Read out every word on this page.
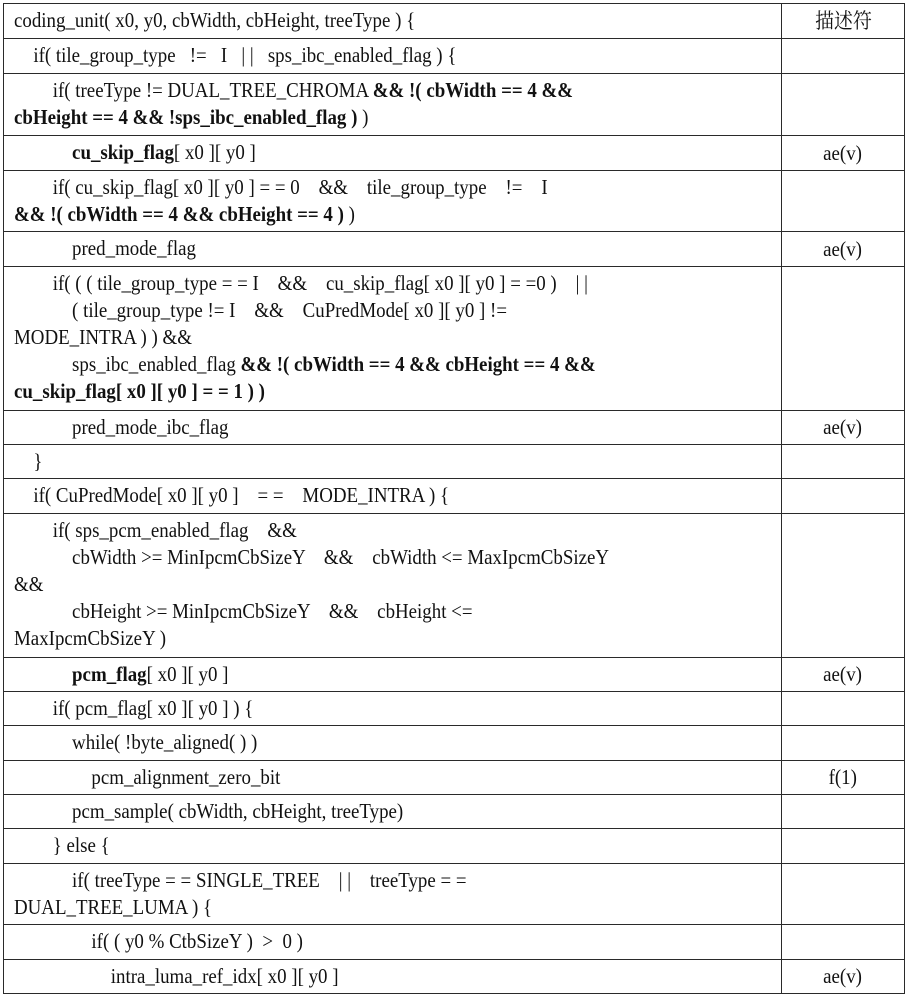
coding_unit( x0, y0, cbWidth, cbHeight, treeType ) {	描述符

if( tile_group_type   !=   I   | |   sps_ibc_enabled_flag ) {	

if( treeType != DUAL_TREE_CHROMA && !( cbWidth == 4 &&
cbHeight == 4 && !sps_ibc_enabled_flag ) )	

cu_skip_flag[ x0 ][ y0 ]	ae(v)

if( cu_skip_flag[ x0 ][ y0 ] = = 0    &&    tile_group_type    !=    I
&& !( cbWidth == 4 && cbHeight == 4 ) )	

pred_mode_flag	ae(v)

if( ( ( tile_group_type = = I    &&    cu_skip_flag[ x0 ][ y0 ] = =0 )    | |
( tile_group_type != I    &&    CuPredMode[ x0 ][ y0 ] !=
MODE_INTRA ) ) &&
sps_ibc_enabled_flag && !( cbWidth == 4 && cbHeight == 4 &&
cu_skip_flag[ x0 ][ y0 ] = = 1 ) )	

pred_mode_ibc_flag	ae(v)

}	

if( CuPredMode[ x0 ][ y0 ]    = =    MODE_INTRA ) {	

if( sps_pcm_enabled_flag    &&
cbWidth >= MinIpcmCbSizeY    &&    cbWidth <= MaxIpcmCbSizeY
&&
cbHeight >= MinIpcmCbSizeY    &&    cbHeight <=
MaxIpcmCbSizeY )	

pcm_flag[ x0 ][ y0 ]	ae(v)

if( pcm_flag[ x0 ][ y0 ] ) {	

while( !byte_aligned( ) )	

pcm_alignment_zero_bit	f(1)

pcm_sample( cbWidth, cbHeight, treeType)	

} else {	

if( treeType = = SINGLE_TREE    | |    treeType = =
DUAL_TREE_LUMA ) {	

if( ( y0 % CtbSizeY )  >  0 )	

intra_luma_ref_idx[ x0 ][ y0 ]	ae(v)
